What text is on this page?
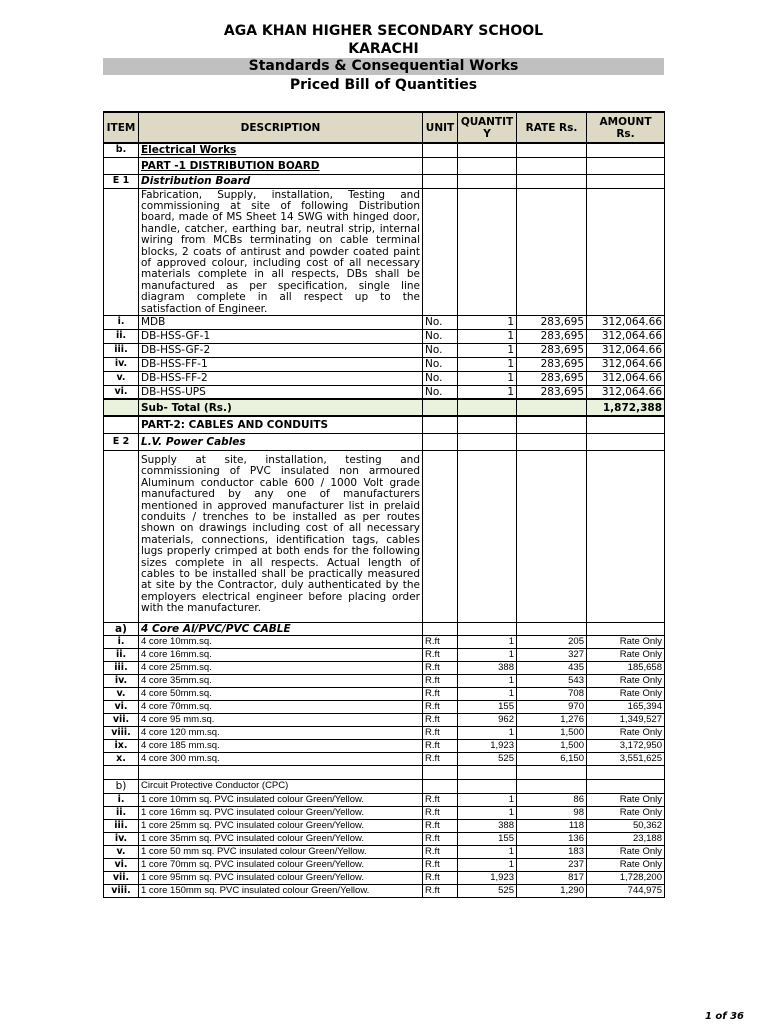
AGA KHAN HIGHER SECONDARY SCHOOL
KARACHI
Standards & Consequential Works
Priced Bill of Quantities
ITEM	DESCRIPTION	UNIT	QUANTIT Y	RATE Rs.	AMOUNT Rs.
b.	Electrical Works				
	PART -1 DISTRIBUTION BOARD				
E 1	Distribution Board				
	Fabrication, Supply, installation, Testing and commissioning at site of following Distribution board, made of MS Sheet 14 SWG with hinged door, handle, catcher, earthing bar, neutral strip, internal wiring from MCBs terminating on cable terminal blocks, 2 coats of antirust and powder coated paint of approved colour, including cost of all necessary materials complete in all respects, DBs shall be manufactured as per specification, single line diagram complete in all respect up to the satisfaction of Engineer.				
i.	MDB	No.	1	283,695	312,064.66
ii.	DB-HSS-GF-1	No.	1	283,695	312,064.66
iii.	DB-HSS-GF-2	No.	1	283,695	312,064.66
iv.	DB-HSS-FF-1	No.	1	283,695	312,064.66
v.	DB-HSS-FF-2	No.	1	283,695	312,064.66
vi.	DB-HSS-UPS	No.	1	283,695	312,064.66
	Sub- Total (Rs.)				1,872,388
	PART-2: CABLES AND CONDUITS				
E 2	L.V. Power Cables				
	Supply at site, installation, testing and commissioning of PVC insulated non armoured Aluminum conductor cable 600 / 1000 Volt grade manufactured by any one of manufacturers mentioned in approved manufacturer list in prelaid conduits / trenches to be installed as per routes shown on drawings including cost of all necessary materials, connections, identification tags, cables lugs properly crimped at both ends for the following sizes complete in all respects. Actual length of cables to be installed shall be practically measured at site by the Contractor, duly authenticated by the employers electrical engineer before placing order with the manufacturer.				
a)	4 Core Al/PVC/PVC CABLE				
i.	4 core 10mm.sq.	R.ft	1	205	Rate Only
ii.	4 core 16mm.sq.	R.ft	1	327	Rate Only
iii.	4 core 25mm.sq.	R.ft	388	435	185,658
iv.	4 core 35mm.sq.	R.ft	1	543	Rate Only
v.	4 core 50mm.sq.	R.ft	1	708	Rate Only
vi.	4 core 70mm.sq.	R.ft	155	970	165,394
vii.	4 core 95 mm.sq.	R.ft	962	1,276	1,349,527
viii.	4 core 120 mm.sq.	R.ft	1	1,500	Rate Only
ix.	4 core 185 mm.sq.	R.ft	1,923	1,500	3,172,950
x.	4 core 300 mm.sq.	R.ft	525	6,150	3,551,625

b)	Circuit Protective Conductor (CPC)				
i.	1 core 10mm sq. PVC insulated colour Green/Yellow.	R.ft	1	86	Rate Only
ii.	1 core 16mm sq. PVC insulated colour Green/Yellow.	R.ft	1	98	Rate Only
iii.	1 core 25mm sq. PVC insulated colour Green/Yellow.	R.ft	388	118	50,362
iv.	1 core 35mm sq. PVC insulated colour Green/Yellow.	R.ft	155	136	23,188
v.	1 core 50 mm sq. PVC insulated colour Green/Yellow.	R.ft	1	183	Rate Only
vi.	1 core 70mm sq. PVC insulated colour Green/Yellow.	R.ft	1	237	Rate Only
vii.	1 core 95mm sq. PVC insulated colour Green/Yellow.	R.ft	1,923	817	1,728,200
viii.	1 core 150mm sq. PVC insulated colour Green/Yellow.	R.ft	525	1,290	744,975
1 of 36
